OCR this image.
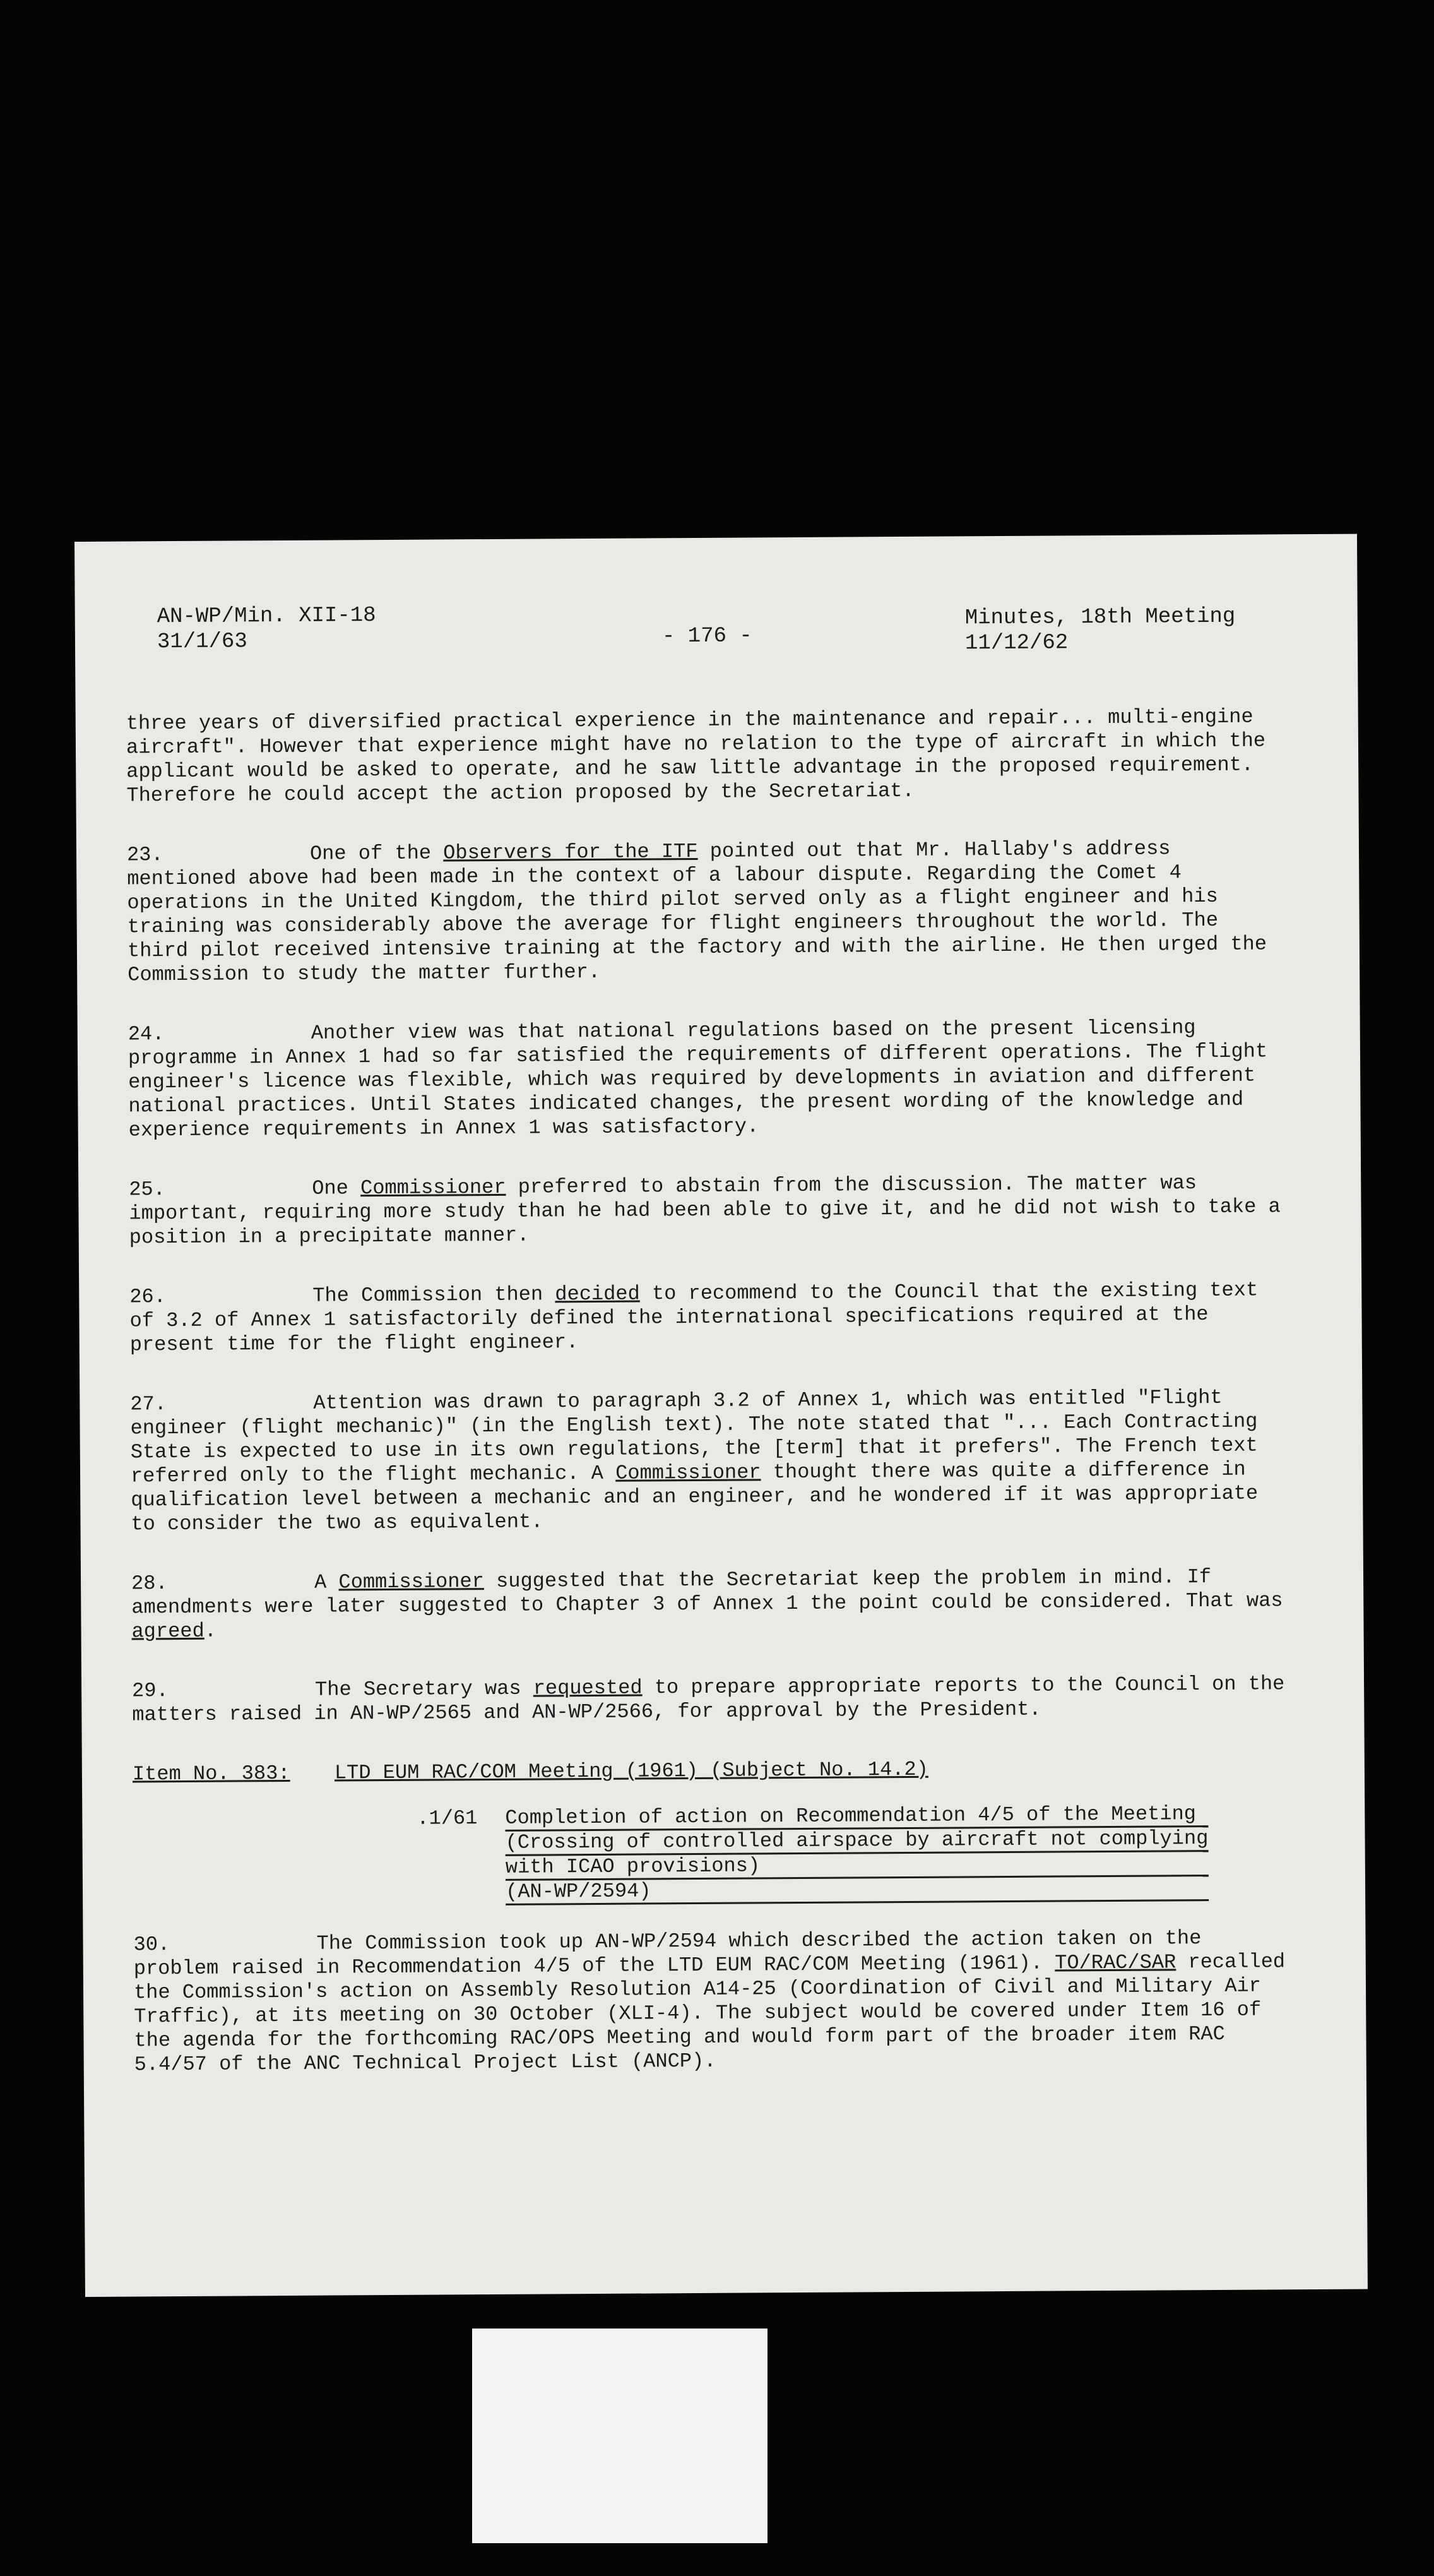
AN-WP/Min. XII-18
31/1/63	- 176 -
Minutes, 18th Meeting
11/12/62

three years of diversified practical experience in the maintenance and repair... multi-engine aircraft". However that experience might have no relation to the type of aircraft in which the applicant would be asked to operate, and he saw little advantage in the proposed requirement. Therefore he could accept the action proposed by the Secretariat.

23.	One of the Observers for the ITF pointed out that Mr. Hallaby's address mentioned above had been made in the context of a labour dispute. Regarding the Comet 4 operations in the United Kingdom, the third pilot served only as a flight engineer and his training was considerably above the average for flight engineers throughout the world. The third pilot received intensive training at the factory and with the airline. He then urged the Commission to study the matter further.

24.	Another view was that national regulations based on the present licensing programme in Annex 1 had so far satisfied the requirements of different operations. The flight engineer's licence was flexible, which was required by developments in aviation and different national practices. Until States indicated changes, the present wording of the knowledge and experience requirements in Annex 1 was satisfactory.

25.	One Commissioner preferred to abstain from the discussion. The matter was important, requiring more study than he had been able to give it, and he did not wish to take a position in a precipitate manner.

26.	The Commission then decided to recommend to the Council that the existing text of 3.2 of Annex 1 satisfactorily defined the international specifications required at the present time for the flight engineer.

27.	Attention was drawn to paragraph 3.2 of Annex 1, which was entitled "Flight engineer (flight mechanic)" (in the English text). The note stated that "... Each Contracting State is expected to use in its own regulations, the [term] that it prefers". The French text referred only to the flight mechanic. A Commissioner thought there was quite a difference in qualification level between a mechanic and an engineer, and he wondered if it was appropriate to consider the two as equivalent.

28.	A Commissioner suggested that the Secretariat keep the problem in mind. If amendments were later suggested to Chapter 3 of Annex 1 the point could be considered. That was agreed.

29.	The Secretary was requested to prepare appropriate reports to the Council on the matters raised in AN-WP/2565 and AN-WP/2566, for approval by the President.

Item No. 383: LTD EUM RAC/COM Meeting (1961) (Subject No. 14.2)
.1/61	Completion of action on Recommendation 4/5 of the Meeting
(Crossing of controlled airspace by aircraft not complying
with ICAO provisions)
(AN-WP/2594)

30.	The Commission took up AN-WP/2594 which described the action taken on the problem raised in Recommendation 4/5 of the LTD EUM RAC/COM Meeting (1961). TO/RAC/SAR recalled the Commission's action on Assembly Resolution A14-25 (Coordination of Civil and Military Air Traffic), at its meeting on 30 October (XLI-4). The subject would be covered under Item 16 of the agenda for the forthcoming RAC/OPS Meeting and would form part of the broader item RAC 5.4/57 of the ANC Technical Project List (ANCP).
